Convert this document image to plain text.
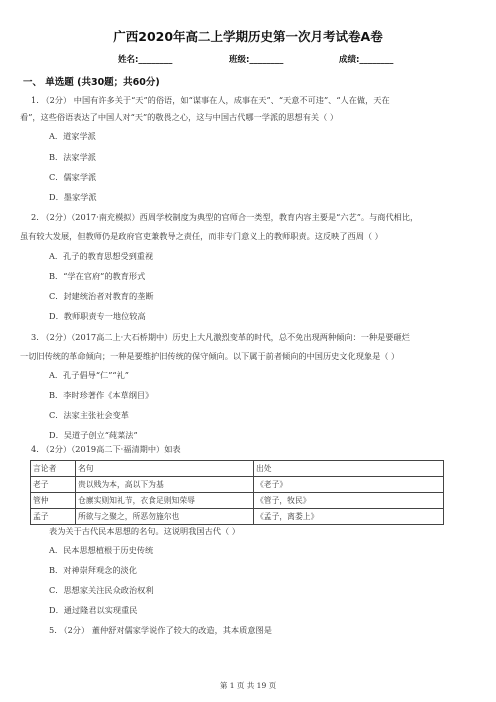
广西2020年高二上学期历史第一次月考试卷A卷
姓名:________	班级:________	成绩:________
一、 单选题 (共30题；共60分)
1. （2分） 中国有许多关于“天”的俗语，如“谋事在人，成事在天”、“天意不可违”、“人在做，天在
看”，这些俗语表达了中国人对“天”的敬畏之心，这与中国古代哪一学派的思想有关（ ）
A．道家学派
B．法家学派
C．儒家学派
D．墨家学派
2. （2分）（2017·南充模拟）西周学校制度为典型的官师合一类型，教育内容主要是“六艺”。与商代相比，
虽有较大发展，但教师仍是政府官吏兼教导之责任，而非专门意义上的教师职责。这反映了西周（ ）
A．孔子的教育思想受到重视
B．“学在官府”的教育形式
C．封建统治者对教育的垄断
D．教师职责专一地位较高
3. （2分）（2017高二上·大石桥期中）历史上大凡激烈变革的时代，总不免出现两种倾向：一种是要砸烂
一切旧传统的革命倾向；一种是要维护旧传统的保守倾向。以下属于前者倾向的中国历史文化现象是（ ）
A．孔子倡导“仁”“礼”
B．李时珍著作《本草纲目》
C．法家主张社会变革
D．吴道子创立“莼菜法”
4. （2分）（2019高二下·福清期中）如表
言论者	名句	出处
老子	贵以贱为本，高以下为基	《老子》
管仲	仓廪实则知礼节，衣食足则知荣辱	《管子，牧民》
孟子	所欲与之聚之，所恶勿施尔也	《孟子，离娄上》
表为关于古代民本思想的名句。这说明我国古代（ ）
A．民本思想植根于历史传统
B．对神崇拜观念的淡化
C．思想家关注民众政治权利
D．通过隆君以实现重民
5. （2分） 董仲舒对儒家学说作了较大的改造，其本质意图是
第 1 页 共 19 页
